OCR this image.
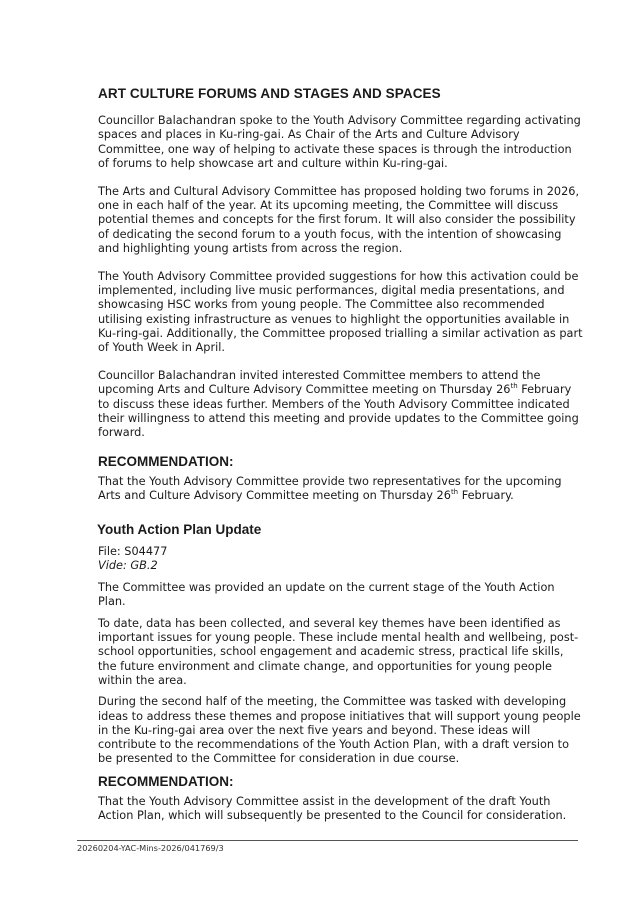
ART CULTURE FORUMS AND STAGES AND SPACES

Councillor Balachandran spoke to the Youth Advisory Committee regarding activating spaces and places in Ku-ring-gai. As Chair of the Arts and Culture Advisory Committee, one way of helping to activate these spaces is through the introduction of forums to help showcase art and culture within Ku-ring-gai.

The Arts and Cultural Advisory Committee has proposed holding two forums in 2026, one in each half of the year. At its upcoming meeting, the Committee will discuss potential themes and concepts for the first forum. It will also consider the possibility of dedicating the second forum to a youth focus, with the intention of showcasing and highlighting young artists from across the region.

The Youth Advisory Committee provided suggestions for how this activation could be implemented, including live music performances, digital media presentations, and showcasing HSC works from young people. The Committee also recommended utilising existing infrastructure as venues to highlight the opportunities available in Ku-ring-gai. Additionally, the Committee proposed trialling a similar activation as part of Youth Week in April.

Councillor Balachandran invited interested Committee members to attend the upcoming Arts and Culture Advisory Committee meeting on Thursday 26th February to discuss these ideas further. Members of the Youth Advisory Committee indicated their willingness to attend this meeting and provide updates to the Committee going forward.

RECOMMENDATION:

That the Youth Advisory Committee provide two representatives for the upcoming Arts and Culture Advisory Committee meeting on Thursday 26th February.

Youth Action Plan Update

File: S04477

Vide: GB.2

The Committee was provided an update on the current stage of the Youth Action Plan.

To date, data has been collected, and several key themes have been identified as important issues for young people. These include mental health and wellbeing, post-school opportunities, school engagement and academic stress, practical life skills, the future environment and climate change, and opportunities for young people within the area.

During the second half of the meeting, the Committee was tasked with developing ideas to address these themes and propose initiatives that will support young people in the Ku-ring-gai area over the next five years and beyond. These ideas will contribute to the recommendations of the Youth Action Plan, with a draft version to be presented to the Committee for consideration in due course.

RECOMMENDATION:

That the Youth Advisory Committee assist in the development of the draft Youth Action Plan, which will subsequently be presented to the Council for consideration.

20260204-YAC-Mins-2026/041769/3
